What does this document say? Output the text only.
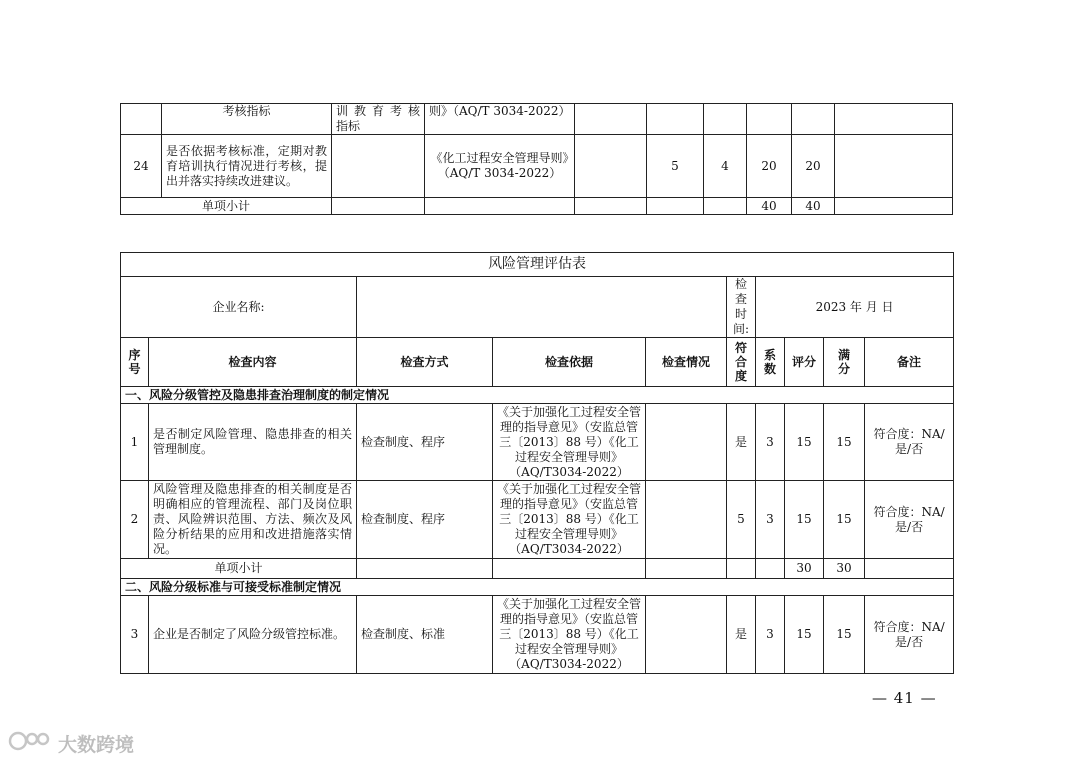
	考核指标	训 教 育 考 核 指标	则》（AQ/T 3034-2022）						
24	是否依据考核标准，定期对教育培训执行情况进行考核，提出并落实持续改进建议。		《化工过程安全管理导则》（AQ/T 3034-2022）		5	4	20	20	
单项小计							40	40	
风险管理评估表									
企业名称:					检查时间:	2023 年 月 日			
序号	检查内容	检查方式	检查依据	检查情况	符合度	系数	评分	满分	备注
一、风险分级管控及隐患排查治理制度的制定情况									
1	是否制定风险管理、隐患排查的相关管理制度。	检查制度、程序	《关于加强化工过程安全管理的指导意见》（安监总管三〔2013〕88 号）《化工过程安全管理导则》（AQ/T3034-2022）		是	3	15	15	符合度：NA/是/否
2	风险管理及隐患排查的相关制度是否明确相应的管理流程、部门及岗位职责、风险辨识范围、方法、频次及风险分析结果的应用和改进措施落实情况。	检查制度、程序	《关于加强化工过程安全管理的指导意见》（安监总管三〔2013〕88 号）《化工过程安全管理导则》（AQ/T3034-2022）		5	3	15	15	符合度：NA/是/否
单项小计							30	30	
二、风险分级标准与可接受标准制定情况									
3	企业是否制定了风险分级管控标准。	检查制度、标准	《关于加强化工过程安全管理的指导意见》（安监总管三〔2013〕88 号）《化工过程安全管理导则》（AQ/T3034-2022）		是	3	15	15	符合度：NA/是/否
— 41 —
大数跨境
